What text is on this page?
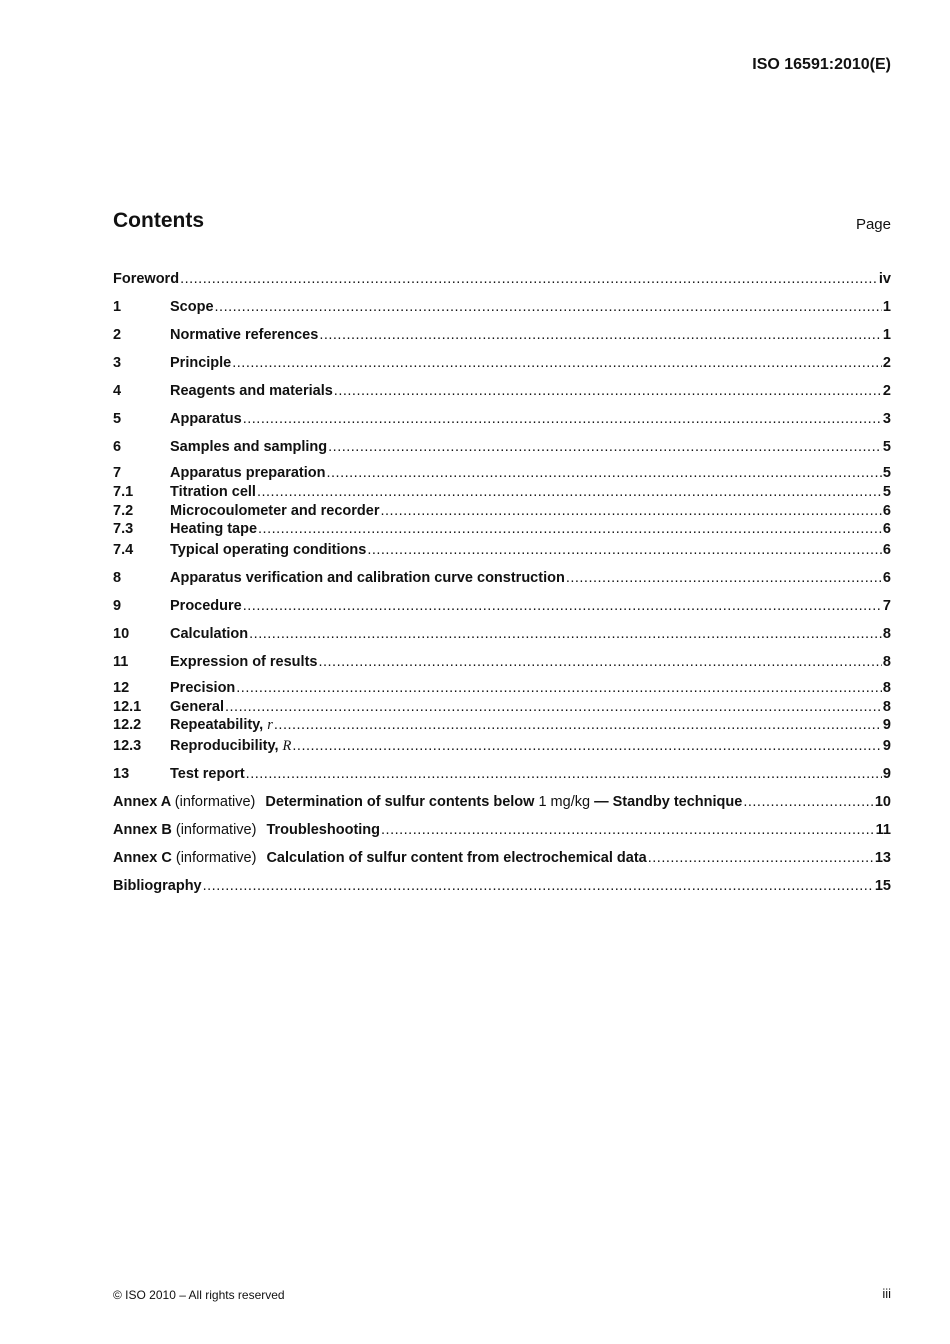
ISO 16591:2010(E)
Contents	Page
Foreword .....	iv
1	Scope .....	1
2	Normative references .....	1
3	Principle .....	2
4	Reagents and materials .....	2
5	Apparatus .....	3
6	Samples and sampling .....	5
7	Apparatus preparation .....	5
7.1	Titration cell .....	5
7.2	Microcoulometer and recorder .....	6
7.3	Heating tape .....	6
7.4	Typical operating conditions .....	6
8	Apparatus verification and calibration curve construction .....	6
9	Procedure .....	7
10	Calculation .....	8
11	Expression of results .....	8
12	Precision .....	8
12.1	General .....	8
12.2	Repeatability, r .....	9
12.3	Reproducibility, R .....	9
13	Test report .....	9
Annex A (informative) Determination of sulfur contents below 1 mg/kg — Standby technique .....	10
Annex B (informative) Troubleshooting .....	11
Annex C (informative) Calculation of sulfur content from electrochemical data .....	13
Bibliography .....	15
© ISO 2010 – All rights reserved	iii
